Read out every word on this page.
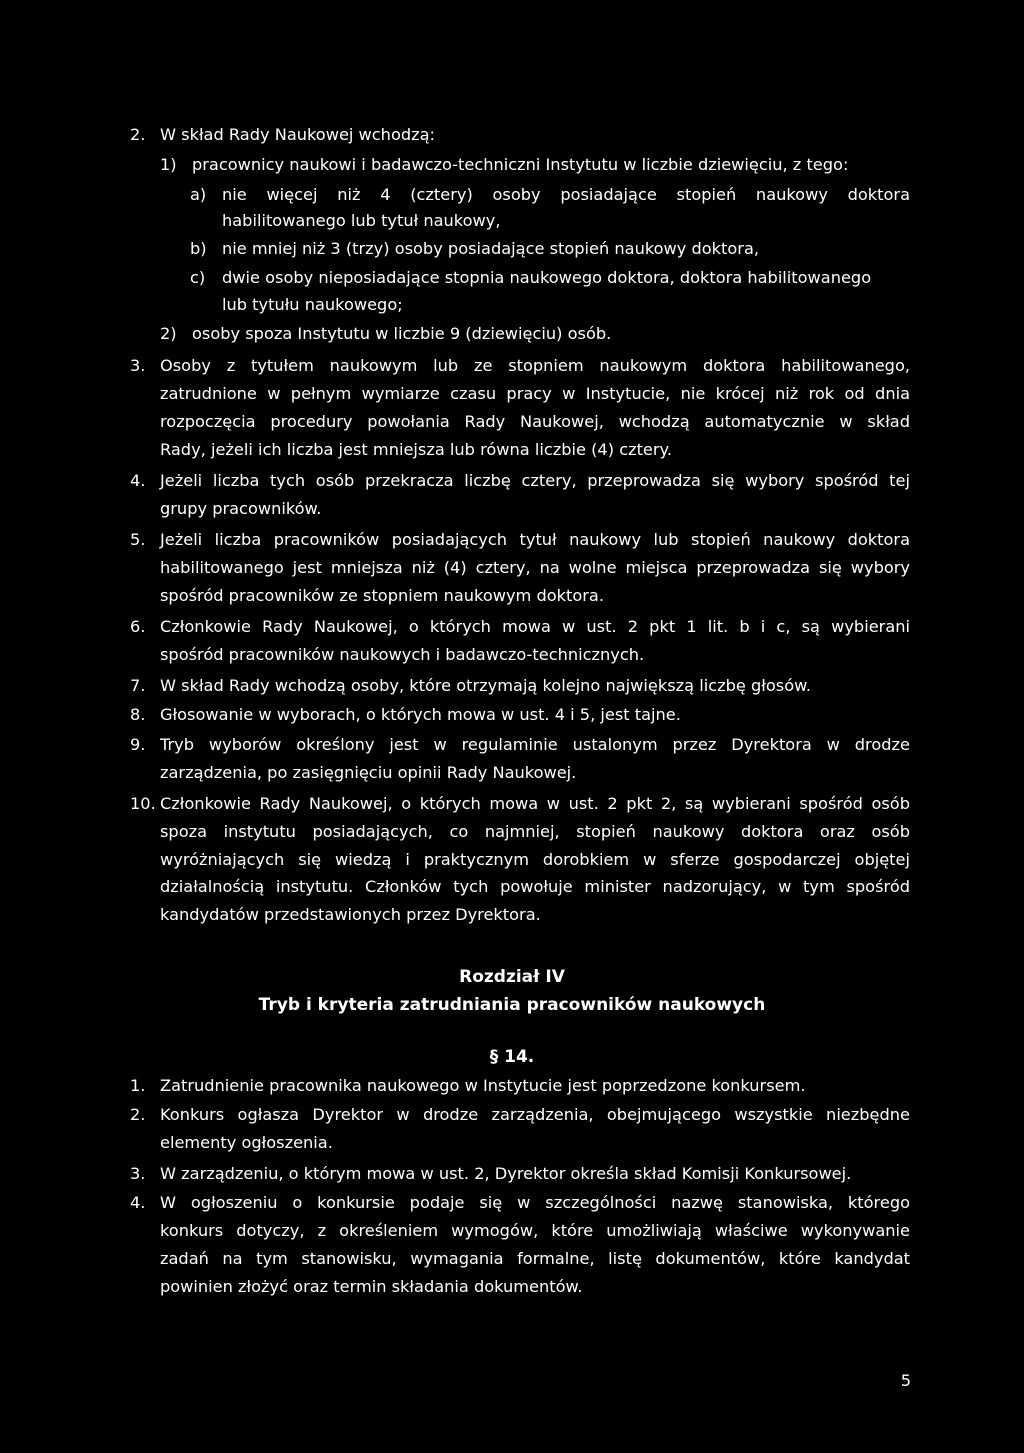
2. W skład Rady Naukowej wchodzą:
1) pracownicy naukowi i badawczo-techniczni Instytutu w liczbie dziewięciu, z tego:
a) nie więcej niż 4 (cztery) osoby posiadające stopień naukowy doktora
habilitowanego lub tytuł naukowy,
b) nie mniej niż 3 (trzy) osoby posiadające stopień naukowy doktora,
c) dwie osoby nieposiadające stopnia naukowego doktora, doktora habilitowanego
lub tytułu naukowego;
2) osoby spoza Instytutu w liczbie 9 (dziewięciu) osób.
3. Osoby z tytułem naukowym lub ze stopniem naukowym doktora habilitowanego,
zatrudnione w pełnym wymiarze czasu pracy w Instytucie, nie krócej niż rok od dnia
rozpoczęcia procedury powołania Rady Naukowej, wchodzą automatycznie w skład
Rady, jeżeli ich liczba jest mniejsza lub równa liczbie (4) cztery.
4. Jeżeli liczba tych osób przekracza liczbę cztery, przeprowadza się wybory spośród tej
grupy pracowników.
5. Jeżeli liczba pracowników posiadających tytuł naukowy lub stopień naukowy doktora
habilitowanego jest mniejsza niż (4) cztery, na wolne miejsca przeprowadza się wybory
spośród pracowników ze stopniem naukowym doktora.
6. Członkowie Rady Naukowej, o których mowa w ust. 2 pkt 1 lit. b i c, są wybierani
spośród pracowników naukowych i badawczo-technicznych.
7. W skład Rady wchodzą osoby, które otrzymają kolejno największą liczbę głosów.
8. Głosowanie w wyborach, o których mowa w ust. 4 i 5, jest tajne.
9. Tryb wyborów określony jest w regulaminie ustalonym przez Dyrektora w drodze
zarządzenia, po zasięgnięciu opinii Rady Naukowej.
10. Członkowie Rady Naukowej, o których mowa w ust. 2 pkt 2, są wybierani spośród osób
spoza instytutu posiadających, co najmniej, stopień naukowy doktora oraz osób
wyróżniających się wiedzą i praktycznym dorobkiem w sferze gospodarczej objętej
działalnością instytutu. Członków tych powołuje minister nadzorujący, w tym spośród
kandydatów przedstawionych przez Dyrektora.
Rozdział IV
Tryb i kryteria zatrudniania pracowników naukowych
§ 14.
1. Zatrudnienie pracownika naukowego w Instytucie jest poprzedzone konkursem.
2. Konkurs ogłasza Dyrektor w drodze zarządzenia, obejmującego wszystkie niezbędne
elementy ogłoszenia.
3. W zarządzeniu, o którym mowa w ust. 2, Dyrektor określa skład Komisji Konkursowej.
4. W ogłoszeniu o konkursie podaje się w szczególności nazwę stanowiska, którego
konkurs dotyczy, z określeniem wymogów, które umożliwiają właściwe wykonywanie
zadań na tym stanowisku, wymagania formalne, listę dokumentów, które kandydat
powinien złożyć oraz termin składania dokumentów.
5
